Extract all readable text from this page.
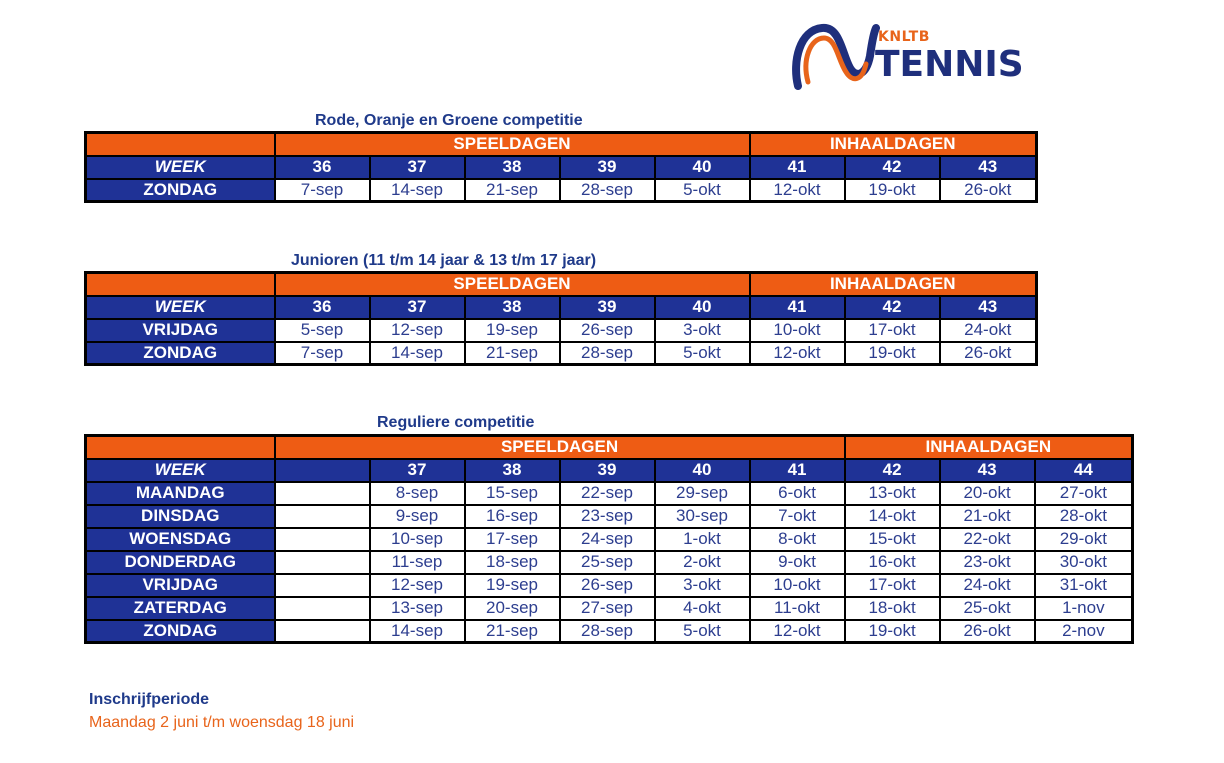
KNLTB
TENNIS
Rode, Oranje en Groene competitie
	SPEELDAGEN					INHAALDAGEN		
WEEK	36	37	38	39	40	41	42	43
ZONDAG	7-sep	14-sep	21-sep	28-sep	5-okt	12-okt	19-okt	26-okt
Junioren (11 t/m 14 jaar & 13 t/m 17 jaar)
	SPEELDAGEN					INHAALDAGEN		
WEEK	36	37	38	39	40	41	42	43
VRIJDAG	5-sep	12-sep	19-sep	26-sep	3-okt	10-okt	17-okt	24-okt
ZONDAG	7-sep	14-sep	21-sep	28-sep	5-okt	12-okt	19-okt	26-okt
Reguliere competitie
	SPEELDAGEN						INHAALDAGEN		
WEEK		37	38	39	40	41	42	43	44
MAANDAG		8-sep	15-sep	22-sep	29-sep	6-okt	13-okt	20-okt	27-okt
DINSDAG		9-sep	16-sep	23-sep	30-sep	7-okt	14-okt	21-okt	28-okt
WOENSDAG		10-sep	17-sep	24-sep	1-okt	8-okt	15-okt	22-okt	29-okt
DONDERDAG		11-sep	18-sep	25-sep	2-okt	9-okt	16-okt	23-okt	30-okt
VRIJDAG		12-sep	19-sep	26-sep	3-okt	10-okt	17-okt	24-okt	31-okt
ZATERDAG		13-sep	20-sep	27-sep	4-okt	11-okt	18-okt	25-okt	1-nov
ZONDAG		14-sep	21-sep	28-sep	5-okt	12-okt	19-okt	26-okt	2-nov
Inschrijfperiode
Maandag 2 juni t/m woensdag 18 juni
